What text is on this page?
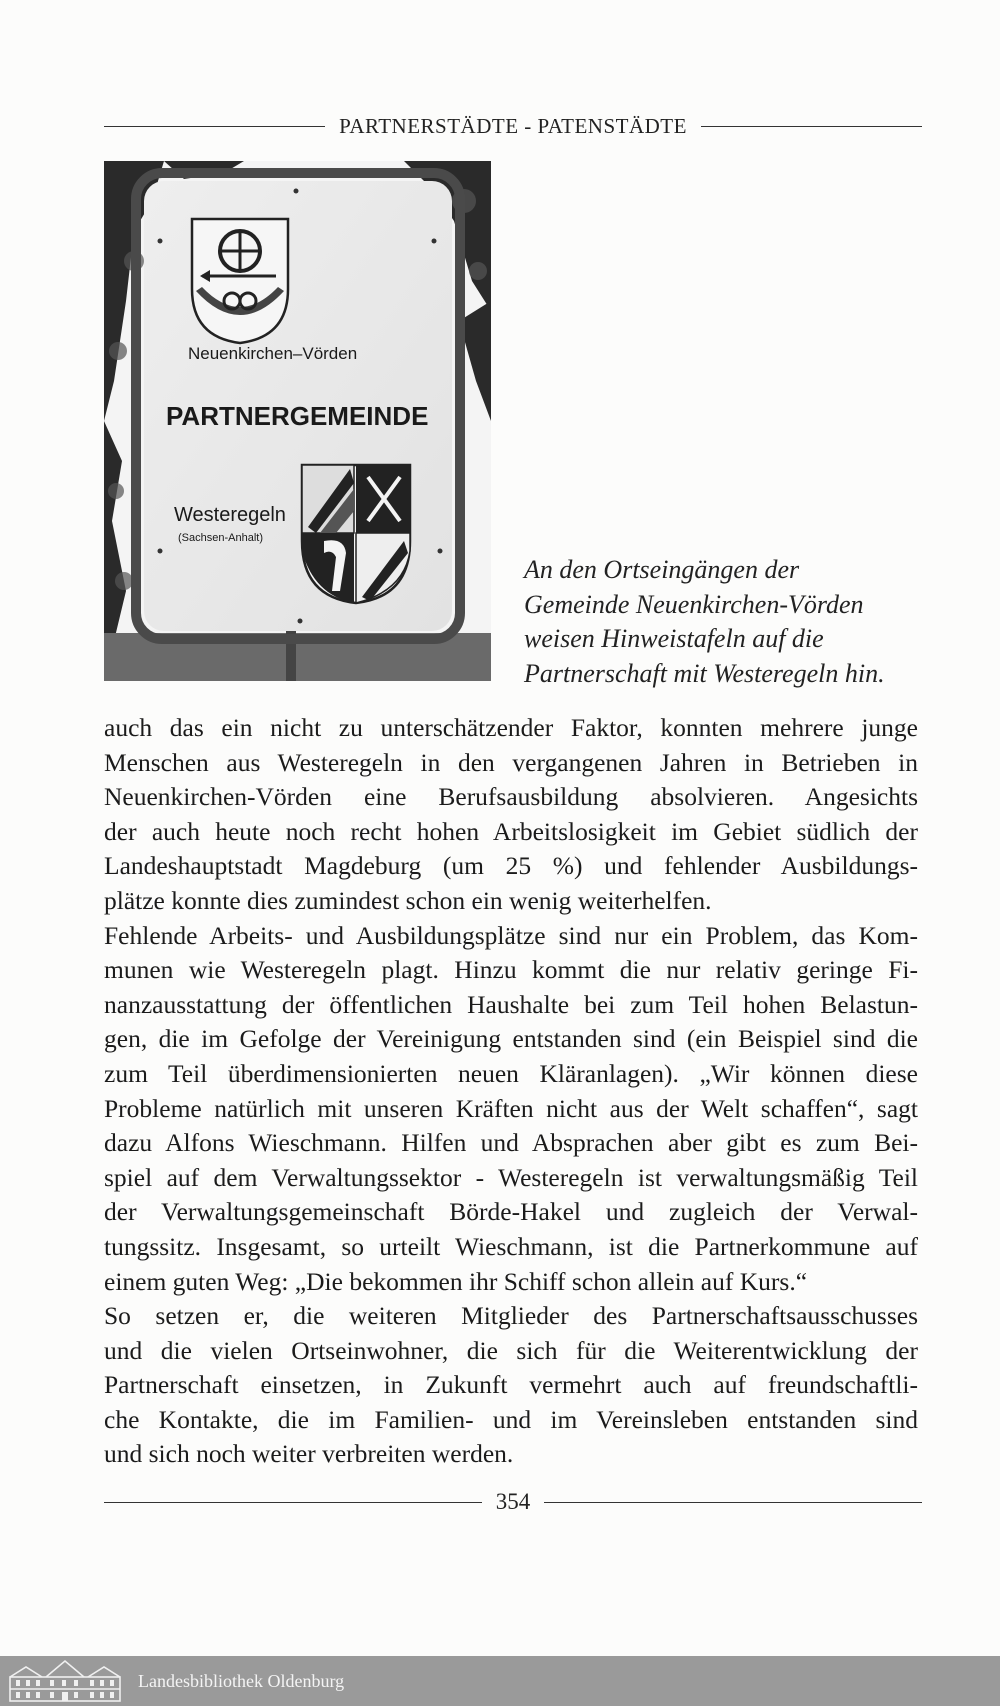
PARTNERSTÄDTE - PATENSTÄDTE
Neuenkirchen–Vörden
PARTNERGEMEINDE
Westeregeln
(Sachsen-Anhalt)
An den Ortseingängen der
Gemeinde Neuenkirchen-Vörden
weisen Hinweistafeln auf die
Partnerschaft mit Westeregeln hin.
auch das ein nicht zu unterschätzender Faktor, konnten mehrere junge
Menschen aus Westeregeln in den vergangenen Jahren in Betrieben in
Neuenkirchen-Vörden eine Berufsausbildung absolvieren. Angesichts
der auch heute noch recht hohen Arbeitslosigkeit im Gebiet südlich der
Landeshauptstadt Magdeburg (um 25 %) und fehlender Ausbildungs-
plätze konnte dies zumindest schon ein wenig weiterhelfen.
Fehlende Arbeits- und Ausbildungsplätze sind nur ein Problem, das Kom-
munen wie Westeregeln plagt. Hinzu kommt die nur relativ geringe Fi-
nanzausstattung der öffentlichen Haushalte bei zum Teil hohen Belastun-
gen, die im Gefolge der Vereinigung entstanden sind (ein Beispiel sind die
zum Teil überdimensionierten neuen Kläranlagen). „Wir können diese
Probleme natürlich mit unseren Kräften nicht aus der Welt schaffen“, sagt
dazu Alfons Wieschmann. Hilfen und Absprachen aber gibt es zum Bei-
spiel auf dem Verwaltungssektor - Westeregeln ist verwaltungsmäßig Teil
der Verwaltungsgemeinschaft Börde-Hakel und zugleich der Verwal-
tungssitz. Insgesamt, so urteilt Wieschmann, ist die Partnerkommune auf
einem guten Weg: „Die bekommen ihr Schiff schon allein auf Kurs.“
So setzen er, die weiteren Mitglieder des Partnerschaftsausschusses
und die vielen Ortseinwohner, die sich für die Weiterentwicklung der
Partnerschaft einsetzen, in Zukunft vermehrt auch auf freundschaftli-
che Kontakte, die im Familien- und im Vereinsleben entstanden sind
und sich noch weiter verbreiten werden.
354
Landesbibliothek Oldenburg
